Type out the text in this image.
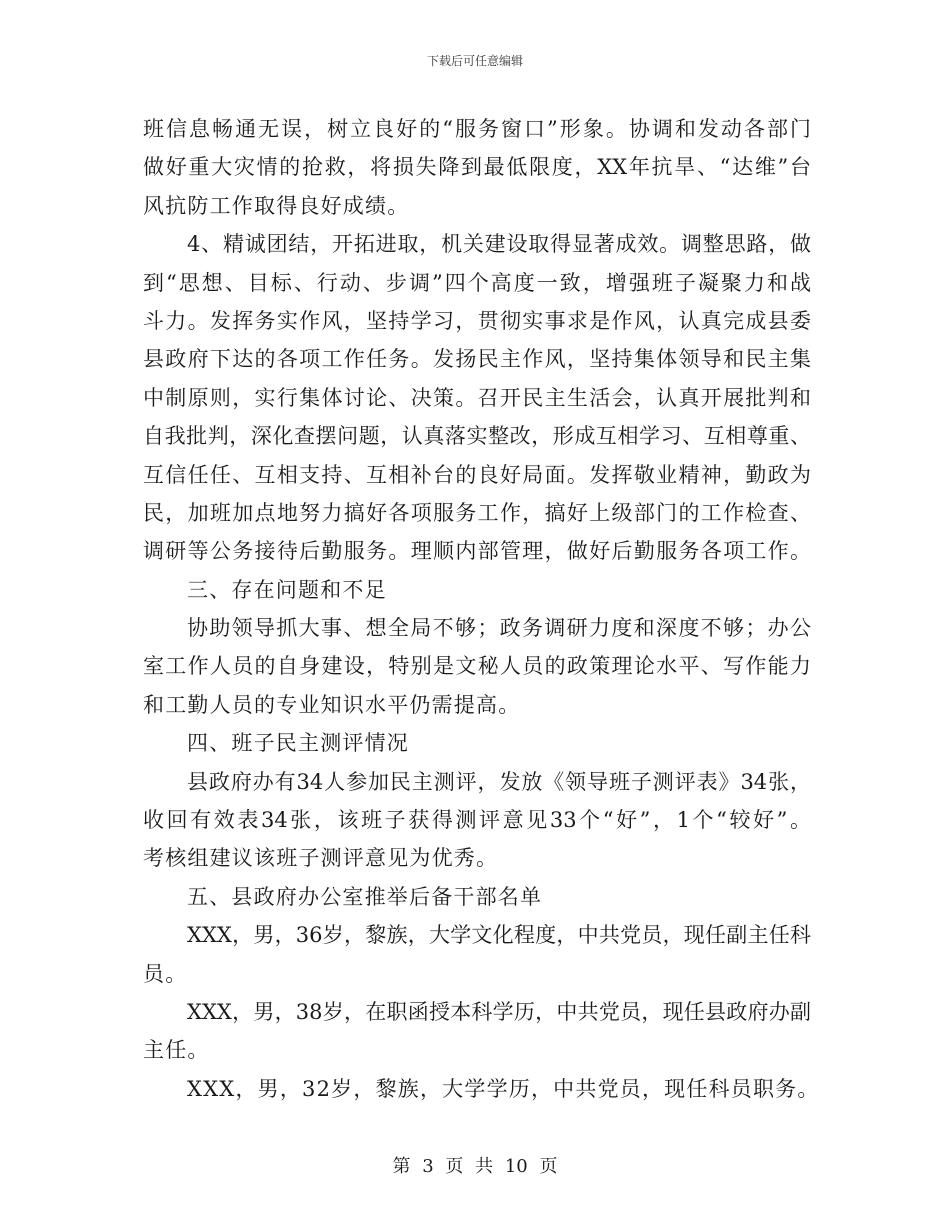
下载后可任意编辑
班信息畅通无误，树立良好的“服务窗口”形象。协调和发动各部门
做好重大灾情的抢救，将损失降到最低限度，XX年抗旱、“达维”台
风抗防工作取得良好成绩。
4、精诚团结，开拓进取，机关建设取得显著成效。调整思路，做
到“思想、目标、行动、步调”四个高度一致，增强班子凝聚力和战
斗力。发挥务实作风，坚持学习，贯彻实事求是作风，认真完成县委
县政府下达的各项工作任务。发扬民主作风，坚持集体领导和民主集
中制原则，实行集体讨论、决策。召开民主生活会，认真开展批判和
自我批判，深化查摆问题，认真落实整改，形成互相学习、互相尊重、
互信任任、互相支持、互相补台的良好局面。发挥敬业精神，勤政为
民，加班加点地努力搞好各项服务工作，搞好上级部门的工作检查、
调研等公务接待后勤服务。理顺内部管理，做好后勤服务各项工作。
三、存在问题和不足
协助领导抓大事、想全局不够；政务调研力度和深度不够；办公
室工作人员的自身建设，特别是文秘人员的政策理论水平、写作能力
和工勤人员的专业知识水平仍需提高。
四、班子民主测评情况
县政府办有34人参加民主测评，发放《领导班子测评表》34张，
收回有效表34张，该班子获得测评意见33个“好”，1个“较好”。
考核组建议该班子测评意见为优秀。
五、县政府办公室推举后备干部名单
XXX，男，36岁，黎族，大学文化程度，中共党员，现任副主任科
员。
XXX，男，38岁，在职函授本科学历，中共党员，现任县政府办副
主任。
XXX，男，32岁，黎族，大学学历，中共党员，现任科员职务。
第 3 页 共 10 页
